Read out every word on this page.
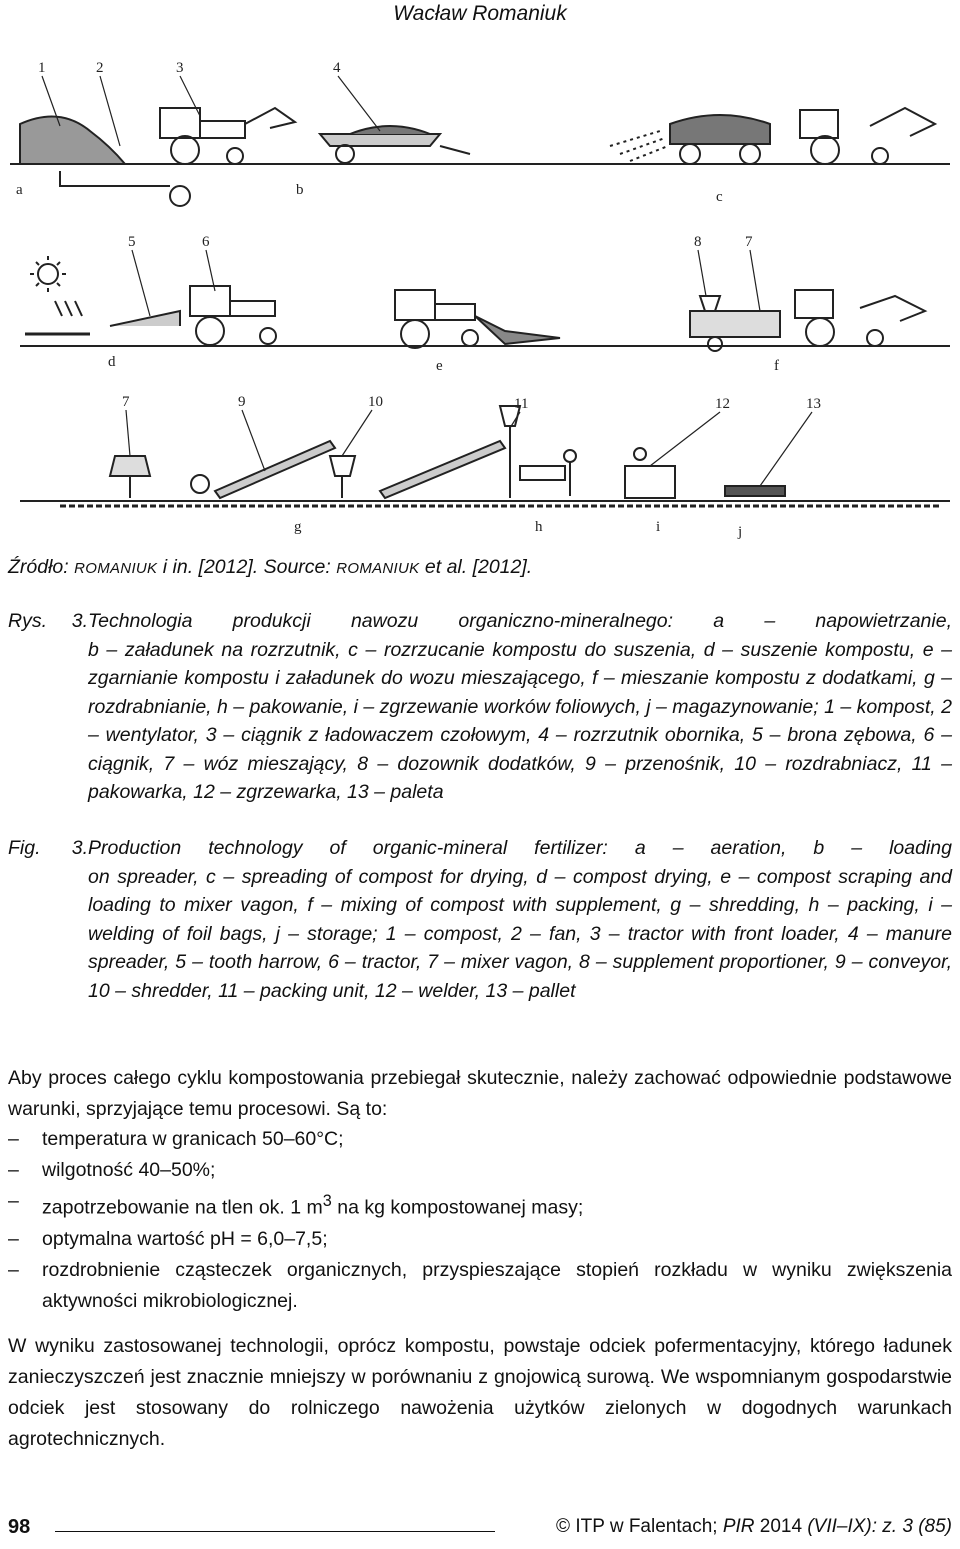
Wacław Romaniuk
a	b	c
d	e	f
g	h	i	j
1	2	3	4
5	6	8	7
7	9	10	11	12	13
Źródło: ROMANIUK i in. [2012]. Source: ROMANIUK et al. [2012].
Rys. 3.Technologia produkcji nawozu organiczno-mineralnego: a – napowietrzanie,
b – załadunek na rozrzutnik, c – rozrzucanie kompostu do suszenia, d – suszenie kompostu, e – zgarnianie kompostu i załadunek do wozu mieszającego, f – mieszanie kompostu z dodatkami, g – rozdrabnianie, h – pakowanie, i – zgrzewanie worków foliowych, j – magazynowanie; 1 – kompost, 2 – wentylator, 3 – ciągnik z ładowaczem czołowym, 4 – rozrzutnik obornika, 5 – brona zębowa, 6 – ciągnik, 7 – wóz mieszający, 8 – dozownik dodatków, 9 – przenośnik, 10 – rozdrabniacz, 11 – pakowarka, 12 – zgrzewarka, 13 – paleta
Fig. 3.Production technology of organic-mineral fertilizer: a – aeration, b – loading
on spreader, c – spreading of compost for drying, d – compost drying, e – compost scraping and loading to mixer vagon, f – mixing of compost with supplement, g – shredding, h – packing, i – welding of foil bags, j – storage; 1 – compost, 2 – fan, 3 – tractor with front loader, 4 – manure spreader, 5 – tooth harrow, 6 – tractor, 7 – mixer vagon, 8 – supplement proportioner, 9 – conveyor, 10 – shredder, 11 – packing unit, 12 – welder, 13 – pallet
Aby proces całego cyklu kompostowania przebiegał skutecznie, należy zachować odpowiednie podstawowe warunki, sprzyjające temu procesowi. Są to:
– temperatura w granicach 50–60°C;
– wilgotność 40–50%;
– zapotrzebowanie na tlen ok. 1 $m^3$ na kg kompostowanej masy;
– optymalna wartość pH = 6,0–7,5;
– rozdrobnienie cząsteczek organicznych, przyspieszające stopień rozkładu w wyniku zwiększenia aktywności mikrobiologicznej.
W wyniku zastosowanej technologii, oprócz kompostu, powstaje odciek pofermentacyjny, którego ładunek zanieczyszczeń jest znacznie mniejszy w porównaniu z gnojowicą surową. We wspomnianym gospodarstwie odciek jest stosowany do rolniczego nawożenia użytków zielonych w dogodnych warunkach agrotechnicznych.
98	© ITP w Falentach; PIR 2014 (VII–IX): z. 3 (85)
